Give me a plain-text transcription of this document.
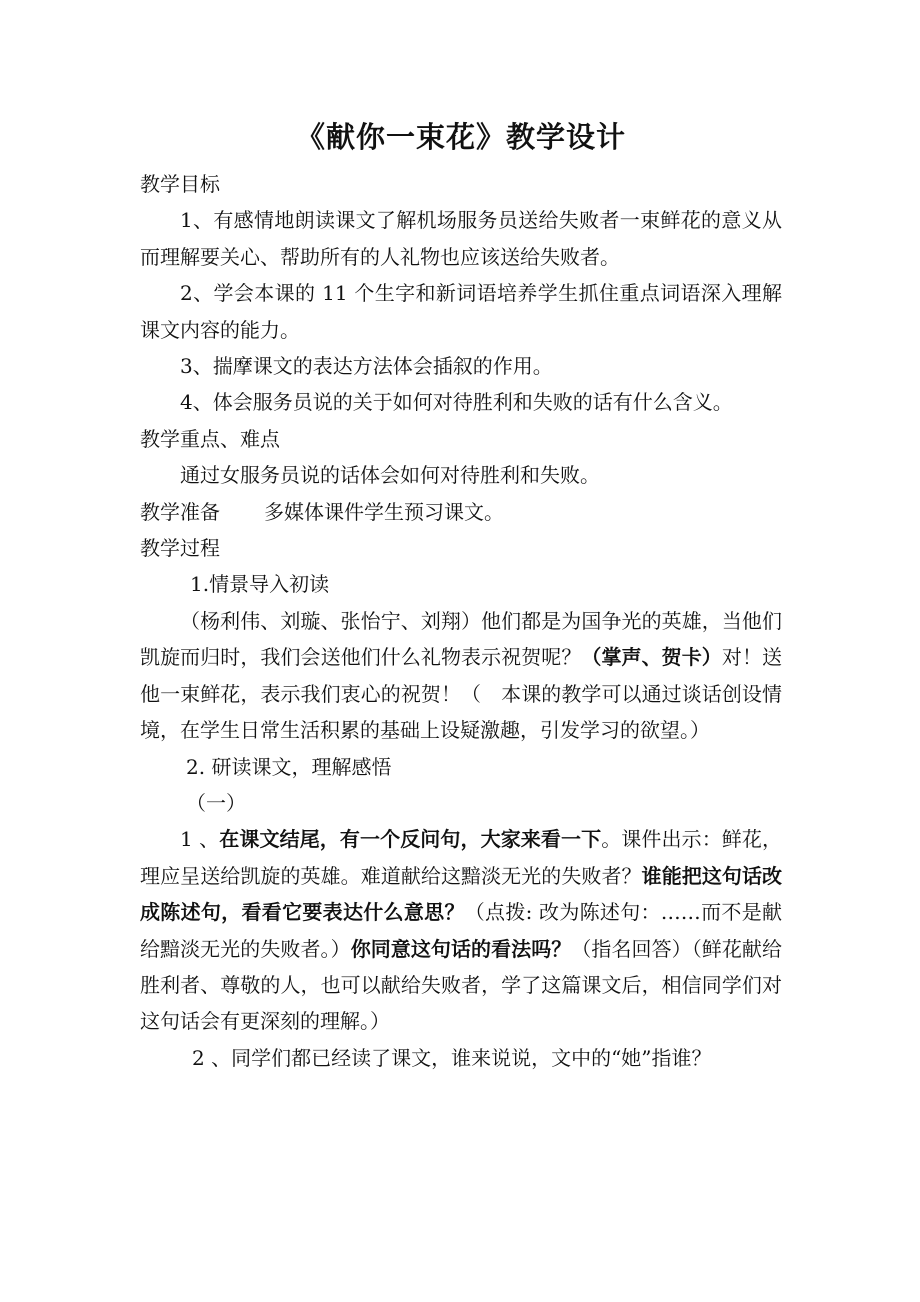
《献你一束花》教学设计

教学目标

1、有感情地朗读课文了解机场服务员送给失败者一束鲜花的意义从而理解要关心、帮助所有的人礼物也应该送给失败者。

2、学会本课的 11 个生字和新词语培养学生抓住重点词语深入理解课文内容的能力。

3、揣摩课文的表达方法体会插叙的作用。

4、体会服务员说的关于如何对待胜利和失败的话有什么含义。

教学重点、难点

通过女服务员说的话体会如何对待胜利和失败。

教学准备 多媒体课件学生预习课文。

教学过程

1.情景导入初读

（杨利伟、刘璇、张怡宁、刘翔）他们都是为国争光的英雄，当他们凯旋而归时，我们会送他们什么礼物表示祝贺呢？（掌声、贺卡）对！送他一束鲜花，表示我们衷心的祝贺！（　本课的教学可以通过谈话创设情境，在学生日常生活积累的基础上设疑激趣，引发学习的欲望。）

2. 研读课文，理解感悟

（一）

1 、在课文结尾，有一个反问句，大家来看一下。课件出示：鲜花，理应呈送给凯旋的英雄。难道献给这黯淡无光的失败者？谁能把这句话改成陈述句，看看它要表达什么意思？（点拨: 改为陈述句：……而不是献给黯淡无光的失败者。）你同意这句话的看法吗？（指名回答）（鲜花献给胜利者、尊敬的人，也可以献给失败者，学了这篇课文后，相信同学们对这句话会有更深刻的理解。）

2 、同学们都已经读了课文，谁来说说，文中的“她”指谁？
